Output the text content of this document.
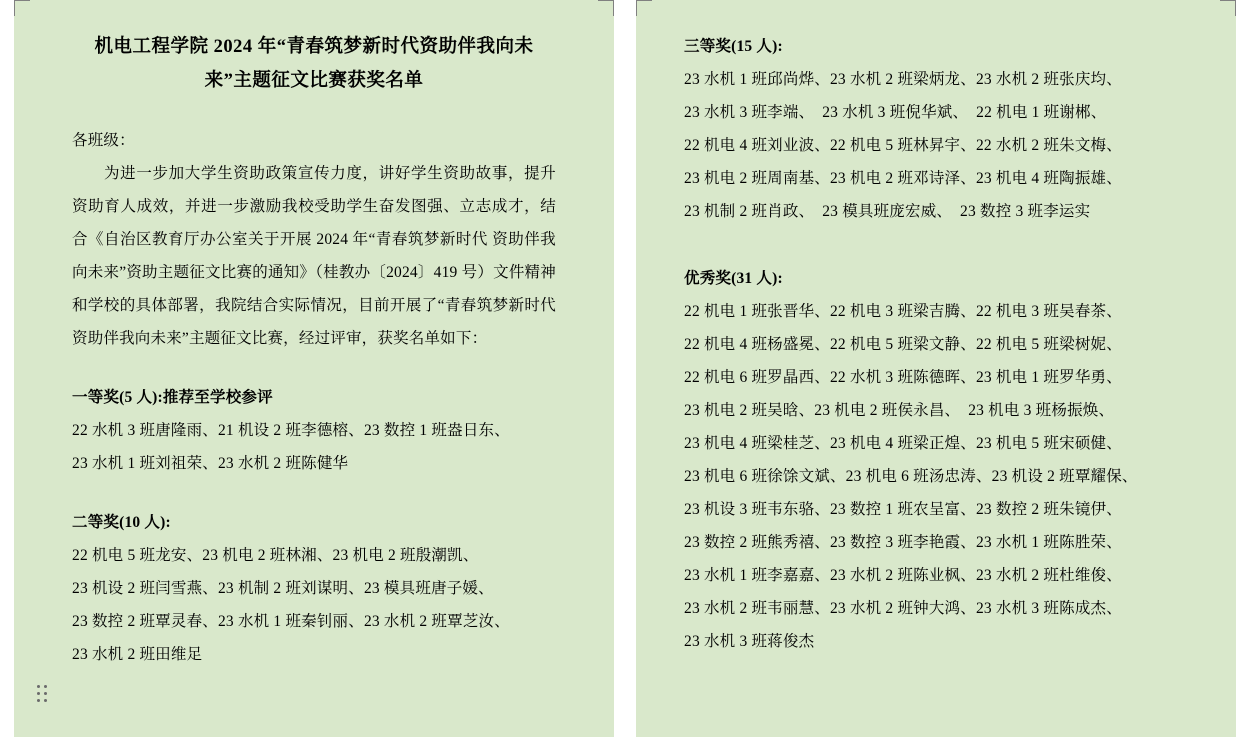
机电工程学院 2024 年“青春筑梦新时代资助伴我向未来”主题征文比赛获奖名单

各班级：

为进一步加大学生资助政策宣传力度，讲好学生资助故事，提升资助育人成效，并进一步激励我校受助学生奋发图强、立志成才，结合《自治区教育厅办公室关于开展 2024 年“青春筑梦新时代 资助伴我向未来”资助主题征文比赛的通知》（桂教办〔2024〕419 号）文件精神和学校的具体部署，我院结合实际情况，目前开展了“青春筑梦新时代资助伴我向未来”主题征文比赛，经过评审，获奖名单如下：

一等奖(5 人):推荐至学校参评

22 水机 3 班唐隆雨、21 机设 2 班李德榕、23 数控 1 班盎日东、

23 水机 1 班刘祖荣、23 水机 2 班陈健华

二等奖(10 人):

22 机电 5 班龙安、23 机电 2 班林湘、23 机电 2 班殷潮凯、

23 机设 2 班闫雪燕、23 机制 2 班刘谋明、23 模具班唐子媛、

23 数控 2 班覃灵春、23 水机 1 班秦钊丽、23 水机 2 班覃芝汝、

23 水机 2 班田维足

三等奖(15 人):

23 水机 1 班邱尚烨、23 水机 2 班梁炳龙、23 水机 2 班张庆均、

23 水机 3 班李端、　23 水机 3 班倪华斌、　22 机电 1 班谢郴、

22 机电 4 班刘业波、22 机电 5 班林昇宇、22 水机 2 班朱文梅、

23 机电 2 班周南基、23 机电 2 班邓诗泽、23 机电 4 班陶振雄、

23 机制 2 班肖政、　23 模具班庞宏威、　23 数控 3 班李运实

优秀奖(31 人):

22 机电 1 班张晋华、22 机电 3 班梁吉腾、22 机电 3 班吴春茶、

22 机电 4 班杨盛冕、22 机电 5 班梁文静、22 机电 5 班梁树妮、

22 机电 6 班罗晶西、22 水机 3 班陈德晖、23 机电 1 班罗华勇、

23 机电 2 班吴晗、23 机电 2 班侯永昌、　23 机电 3 班杨振焕、

23 机电 4 班梁桂芝、23 机电 4 班梁正煌、23 机电 5 班宋硕健、

23 机电 6 班徐馀文斌、23 机电 6 班汤忠涛、23 机设 2 班覃耀保、

23 机设 3 班韦东骆、23 数控 1 班农呈富、23 数控 2 班朱镜伊、

23 数控 2 班熊秀禧、23 数控 3 班李艳霞、23 水机 1 班陈胜荣、

23 水机 1 班李嘉嘉、23 水机 2 班陈业枫、23 水机 2 班杜维俊、

23 水机 2 班韦丽慧、23 水机 2 班钟大鸿、23 水机 3 班陈成杰、

23 水机 3 班蒋俊杰
